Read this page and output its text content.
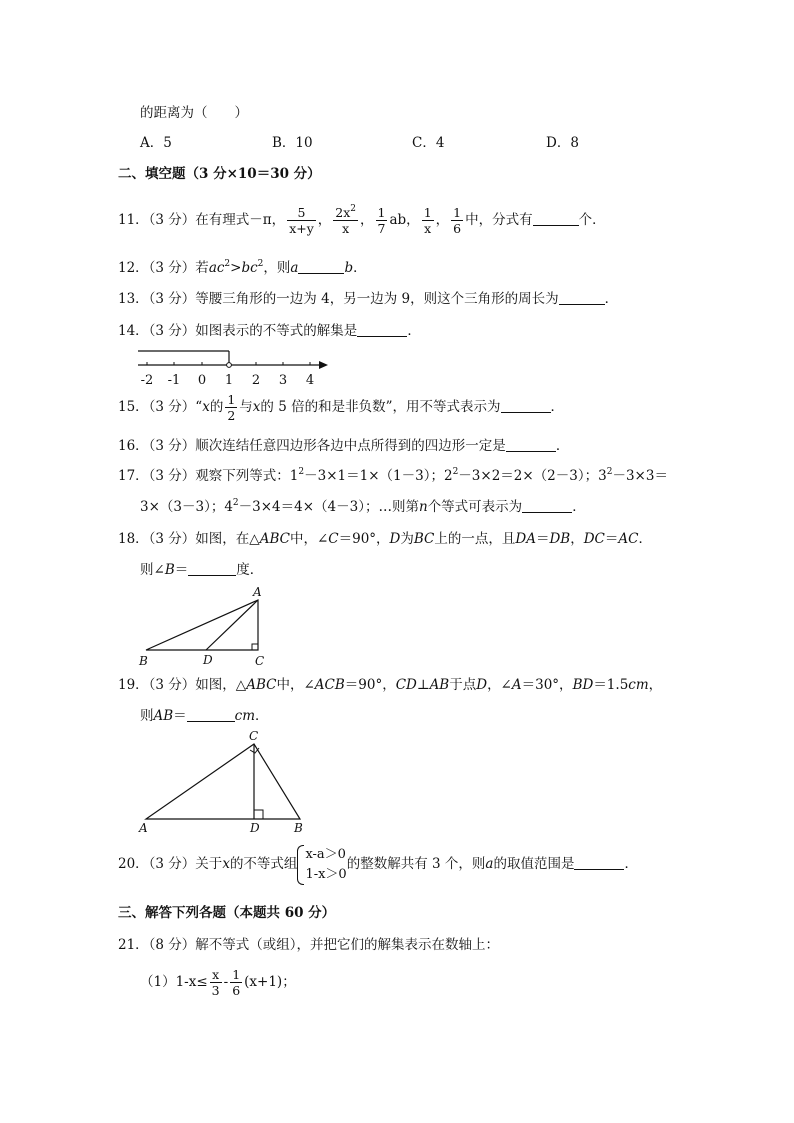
的距离为（　　）
A．5	B．10	C．4	D．8
二、填空题（3 分×10＝30 分）
11．（3 分）在有理式－π， $\frac{5}{x+y}$ ， $\frac{2x^2}{x}$ ， $\frac{1}{7}$ ab， $\frac{1}{x}$ ， $\frac{1}{6}$ 中，分式有	个．
12．（3 分）若$ac^2>bc^2$，则a	b．
13．（3 分）等腰三角形的一边为 4，另一边为 9，则这个三角形的周长为	．
14．（3 分）如图表示的不等式的解集是	．
-2 -1 0 1 2 3 4
15．（3 分）“x的 $\frac{1}{2}$ 与x的 5 倍的和是非负数”，用不等式表示为	．
16．（3 分）顺次连结任意四边形各边中点所得到的四边形一定是	．
17．（3 分）观察下列等式：$1^2-3\times 1=1\times(1-3)$；$2^2-3\times 2=2\times(2-3)$；$3^2-3\times 3=$
3×（3－3）；$4^2-3\times 4=4\times(4-3)$；…则第n个等式可表示为	．
18．（3 分）如图，在△ABC中，∠C＝90°，D为BC上的一点，且DA＝DB，DC＝AC．
则∠B＝	度．
A
B	C
D
19．（3 分）如图，△ABC中，∠ACB＝90°，CD⊥AB于点D，∠A＝30°，BD＝1.5cm，
则AB＝	cm．
C
A	D	B
20．（3 分）关于x的不等式组
x-a＞0
1-x＞0
的整数解共有 3 个，则a的取值范围是	．
三、解答下列各题（本题共 60 分）
21．（8 分）解不等式（或组），并把它们的解集表示在数轴上：
$(1)1-x\le \frac{x}{3} - \frac{1}{6} (x+1)$；
